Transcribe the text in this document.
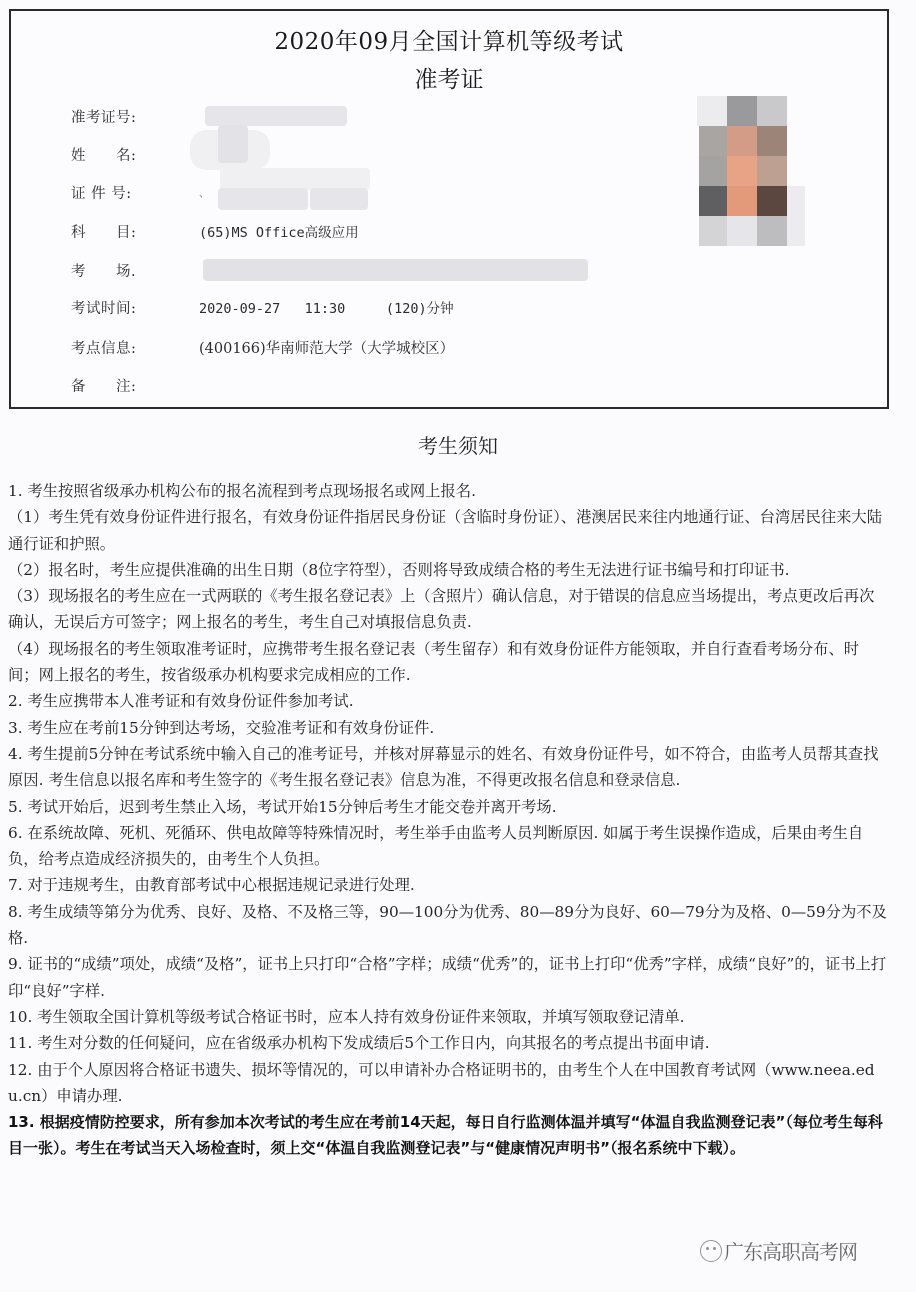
2020年09月全国计算机等级考试
准考证
准考证号:
姓　　名:
证 件 号:	、
科　　目:	(65)MS Office高级应用
考　　场.
考试时间:	2020-09-27   11:30     (120)分钟
考点信息:	(400166)华南师范大学（大学城校区）
备　　注:
考生须知

1. 考生按照省级承办机构公布的报名流程到考点现场报名或网上报名.

（1）考生凭有效身份证件进行报名，有效身份证件指居民身份证（含临时身份证）、港澳居民来往内地通行证、台湾居民往来大陆通行证和护照。

（2）报名时，考生应提供准确的出生日期（8位字符型），否则将导致成绩合格的考生无法进行证书编号和打印证书.

（3）现场报名的考生应在一式两联的《考生报名登记表》上（含照片）确认信息，对于错误的信息应当场提出，考点更改后再次确认，无误后方可签字；网上报名的考生，考生自己对填报信息负责.

（4）现场报名的考生领取准考证时，应携带考生报名登记表（考生留存）和有效身份证件方能领取，并自行查看考场分布、时间；网上报名的考生，按省级承办机构要求完成相应的工作.

2. 考生应携带本人准考证和有效身份证件参加考试.

3. 考生应在考前15分钟到达考场，交验准考证和有效身份证件.

4. 考生提前5分钟在考试系统中输入自己的准考证号，并核对屏幕显示的姓名、有效身份证件号，如不符合，由监考人员帮其查找原因. 考生信息以报名库和考生签字的《考生报名登记表》信息为准，不得更改报名信息和登录信息.

5. 考试开始后，迟到考生禁止入场，考试开始15分钟后考生才能交卷并离开考场.

6. 在系统故障、死机、死循环、供电故障等特殊情况时，考生举手由监考人员判断原因. 如属于考生误操作造成，后果由考生自负，给考点造成经济损失的，由考生个人负担。

7. 对于违规考生，由教育部考试中心根据违规记录进行处理.

8. 考生成绩等第分为优秀、良好、及格、不及格三等，90—100分为优秀、80—89分为良好、60—79分为及格、0—59分为不及格.

9. 证书的“成绩”项处，成绩“及格”，证书上只打印“合格”字样；成绩“优秀”的，证书上打印“优秀”字样，成绩“良好”的，证书上打印“良好”字样.

10. 考生领取全国计算机等级考试合格证书时，应本人持有效身份证件来领取，并填写领取登记清单.

11. 考生对分数的任何疑问，应在省级承办机构下发成绩后5个工作日内，向其报名的考点提出书面申请.

12. 由于个人原因将合格证书遗失、损坏等情况的，可以申请补办合格证明书的，由考生个人在中国教育考试网（www.neea.edu.cn）申请办理.

13. 根据疫情防控要求，所有参加本次考试的考生应在考前14天起，每日自行监测体温并填写“体温自我监测登记表”（每位考生每科目一张）。考生在考试当天入场检查时，须上交“体温自我监测登记表”与“健康情况声明书”（报名系统中下载）。

广东高职高考网
